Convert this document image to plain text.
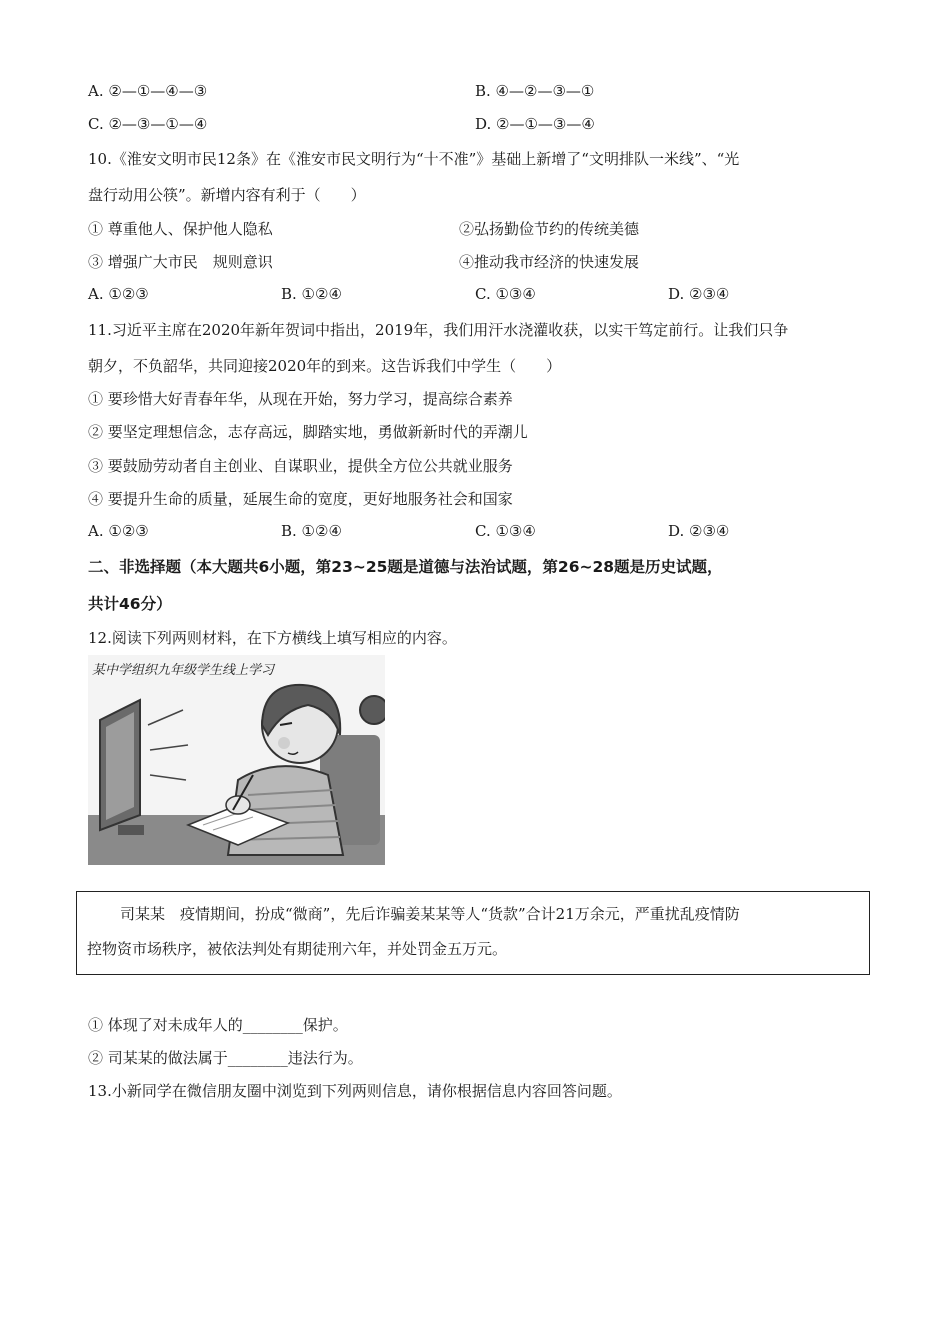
A. ②—①—④—③	B. ④—②—③—①
C. ②—③—①—④	D. ②—①—③—④
10.《淮安文明市民12条》在《淮安市民文明行为“十不准”》基础上新增了“文明排队一米线”、“光
盘行动用公筷”。新增内容有利于（　　）
① 尊重他人、保护他人隐私	②弘扬勤俭节约的传统美德
③ 增强广大市民　规则意识	④推动我市经济的快速发展
A. ①②③	B. ①②④	C. ①③④	D. ②③④
11.习近平主席在2020年新年贺词中指出，2019年，我们用汗水浇灌收获，以实干笃定前行。让我们只争
朝夕，不负韶华，共同迎接2020年的到来。这告诉我们中学生（　　）
① 要珍惜大好青春年华，从现在开始，努力学习，提高综合素养
② 要坚定理想信念，志存高远，脚踏实地，勇做新新时代的弄潮儿
③ 要鼓励劳动者自主创业、自谋职业，提供全方位公共就业服务
④ 要提升生命的质量，延展生命的宽度，更好地服务社会和国家
A. ①②③	B. ①②④	C. ①③④	D. ②③④
二、非选择题（本大题共6小题，第23~25题是道德与法治试题，第26~28题是历史试题，
共计46分）
12.阅读下列两则材料，在下方横线上填写相应的内容。
某中学组织九年级学生线上学习
司某某　疫情期间，扮成“微商”，先后诈骗姜某某等人“货款”合计21万余元，严重扰乱疫情防
控物资市场秩序，被依法判处有期徒刑六年，并处罚金五万元。
① 体现了对未成年人的________保护。
② 司某某的做法属于________违法行为。
13.小新同学在微信朋友圈中浏览到下列两则信息，请你根据信息内容回答问题。
